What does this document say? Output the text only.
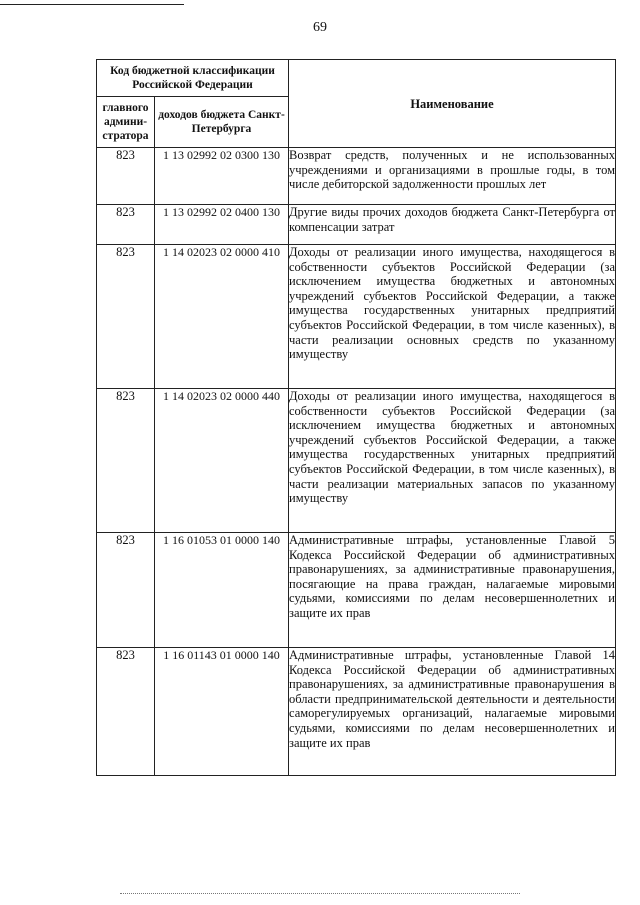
69
Код бюджетной классификации Российской Федерации		Наименование
главного админи-стратора	доходов бюджета Санкт-Петербурга	
823	1 13 02992 02 0300 130	Возврат средств, полученных и не использованных учреждениями и организациями в прошлые годы, в том числе дебиторской задолженности прошлых лет

823	1 13 02992 02 0400 130	Другие виды прочих доходов бюджета Санкт-Петербурга от компенсации затрат

823	1 14 02023 02 0000 410	Доходы от реализации иного имущества, находящегося в собственности субъектов Российской Федерации (за исключением имущества бюджетных и автономных учреждений субъектов Российской Федерации, а также имущества государственных унитарных предприятий субъектов Российской Федерации, в том числе казенных), в части реализации основных средств по указанному имуществу

823	1 14 02023 02 0000 440	Доходы от реализации иного имущества, находящегося в собственности субъектов Российской Федерации (за исключением имущества бюджетных и автономных учреждений субъектов Российской Федерации, а также имущества государственных унитарных предприятий субъектов Российской Федерации, в том числе казенных), в части реализации материальных запасов по указанному имуществу

823	1 16 01053 01 0000 140	Административные штрафы, установленные Главой 5 Кодекса Российской Федерации об административных правонарушениях, за административные правонарушения, посягающие на права граждан, налагаемые мировыми судьями, комиссиями по делам несовершеннолетних и защите их прав

823	1 16 01143 01 0000 140	Административные штрафы, установленные Главой 14 Кодекса Российской Федерации об административных правонарушениях, за административные правонарушения в области предпринимательской деятельности и деятельности саморегулируемых организаций, налагаемые мировыми судьями, комиссиями по делам несовершеннолетних и защите их прав
